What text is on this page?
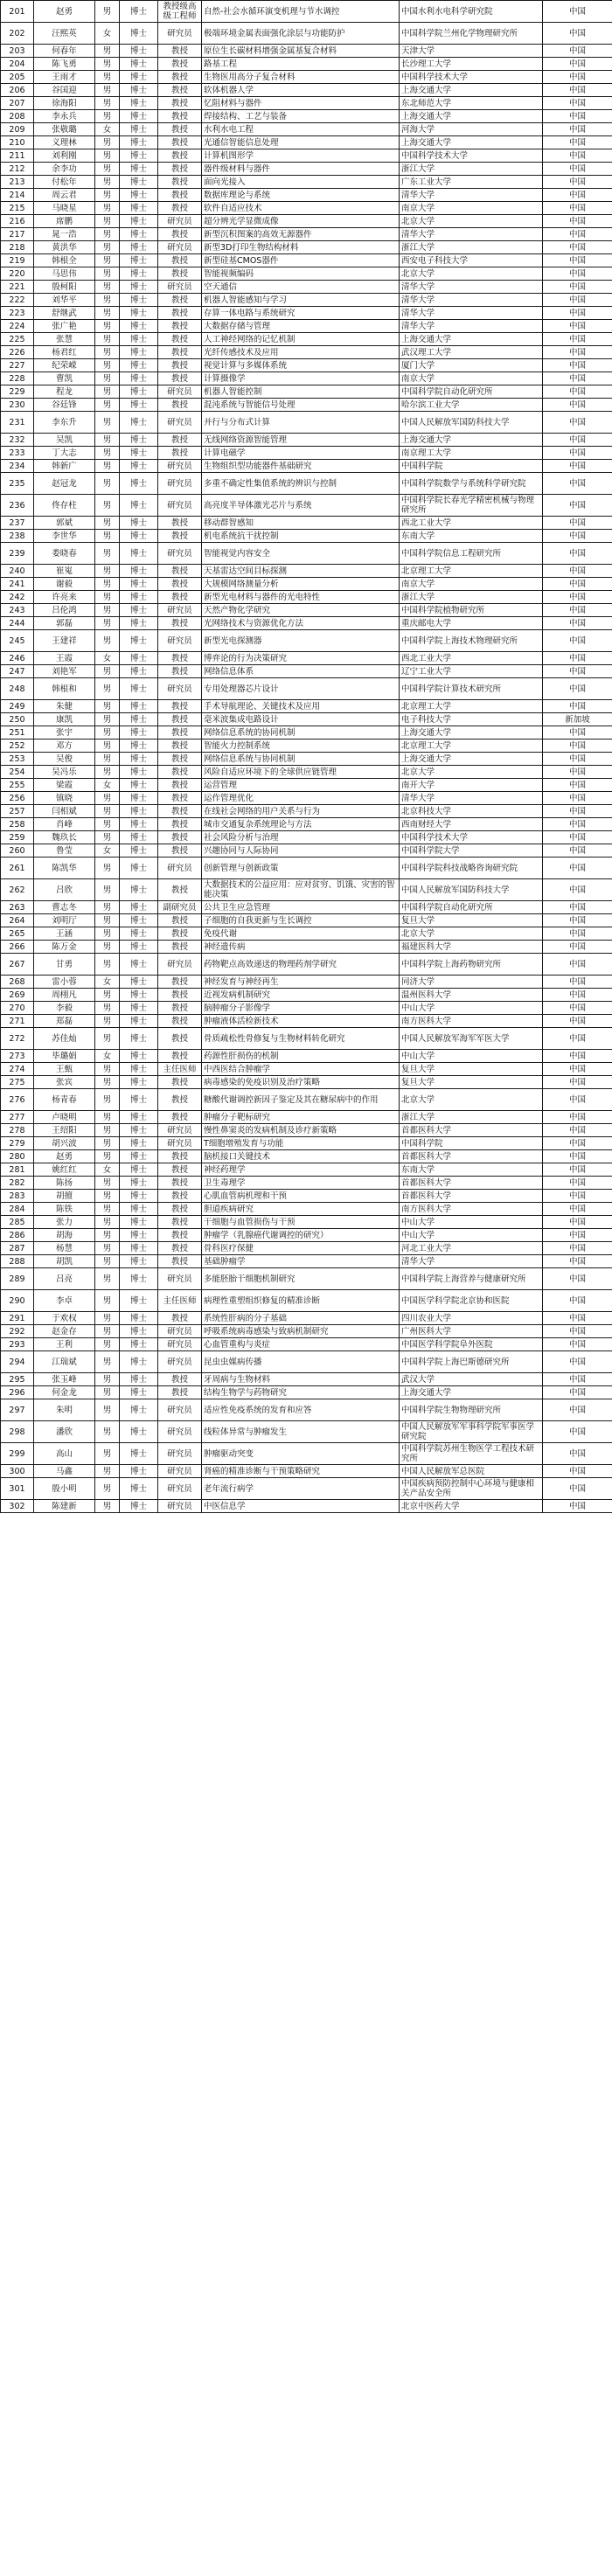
201	赵勇	男	博士	教授级高级工程师	自然-社会水循环演变机理与节水调控	中国水利水电科学研究院	中国
202	汪熙英	女	博士	研究员	极端环境金属表面强化涂层与功能防护	中国科学院兰州化学物理研究所	中国
203	何春年	男	博士	教授	原位生长碳材料增强金属基复合材料	天津大学	中国
204	陈飞勇	男	博士	教授	路基工程	长沙理工大学	中国
205	王雨才	男	博士	教授	生物医用高分子复合材料	中国科学技术大学	中国
206	谷国迎	男	博士	教授	软体机器人学	上海交通大学	中国
207	徐海阳	男	博士	教授	忆阻材料与器件	东北师范大学	中国
208	李永兵	男	博士	教授	焊接结构、工艺与装备	上海交通大学	中国
209	张敬璐	女	博士	教授	水利水电工程	河海大学	中国
210	义理林	男	博士	教授	光通信智能信息处理	上海交通大学	中国
211	刘利刚	男	博士	教授	计算机图形学	中国科学技术大学	中国
212	余李功	男	博士	教授	器件级材料与器件	浙江大学	中国
213	付松年	男	博士	教授	面向光接入	广东工业大学	中国
214	周云君	男	博士	教授	数据库理论与系统	清华大学	中国
215	马晓星	男	博士	教授	软件自适应技术	南京大学	中国
216	席鹏	男	博士	研究员	超分辨光学显微成像	北京大学	中国
217	晁一浩	男	博士	教授	新型沉积图案的高效无源器件	清华大学	中国
218	黄洪华	男	博士	研究员	新型3D打印生物结构材料	浙江大学	中国
219	韩根全	男	博士	教授	新型硅基CMOS器件	西安电子科技大学	中国
220	马思伟	男	博士	教授	智能视频编码	北京大学	中国
221	殷柯阳	男	博士	研究员	空天通信	清华大学	中国
222	刘华平	男	博士	教授	机器人智能感知与学习	清华大学	中国
223	舒继武	男	博士	教授	存算一体电路与系统研究	清华大学	中国
224	张广艳	男	博士	教授	大数据存储与管理	清华大学	中国
225	张慧	男	博士	教授	人工神经网络的记忆机制	上海交通大学	中国
226	杨君红	男	博士	教授	光纤传感技术及应用	武汉理工大学	中国
227	纪荣嵘	男	博士	教授	视觉计算与多媒体系统	厦门大学	中国
228	曹凯	男	博士	教授	计算摄像学	南京大学	中国
229	程龙	男	博士	研究员	机器人智能控制	中国科学院自动化研究所	中国
230	谷廷锋	男	博士	教授	混沌系统与智能信号处理	哈尔滨工业大学	中国
231	李东升	男	博士	研究员	并行与分布式计算	中国人民解放军国防科技大学	中国
232	吴凯	男	博士	教授	无线网络资源智能管理	上海交通大学	中国
233	丁大志	男	博士	教授	计算电磁学	南京理工大学	中国
234	韩新广	男	博士	研究员	生物组织型功能器件基础研究	中国科学院	中国
235	赵冠龙	男	博士	研究员	多重不确定性集值系统的辨识与控制	中国科学院数学与系统科学研究院	中国
236	佟存柱	男	博士	研究员	高亮度半导体激光芯片与系统	中国科学院长春光学精密机械与物理研究所	中国
237	郭斌	男	博士	教授	移动群智感知	西北工业大学	中国
238	李世华	男	博士	教授	机电系统抗干扰控制	东南大学	中国
239	娄晓春	男	博士	研究员	智能视觉内容安全	中国科学院信息工程研究所	中国
240	崔嵬	男	博士	教授	天基雷达空间目标探测	北京理工大学	中国
241	谢毅	男	博士	教授	大规模网络测量分析	南京大学	中国
242	许亮来	男	博士	教授	新型光电材料与器件的光电特性	浙江大学	中国
243	吕伦鸿	男	博士	研究员	天然产物化学研究	中国科学院植物研究所	中国
244	郭磊	男	博士	教授	光网络技术与资源优化方法	重庆邮电大学	中国
245	王建祥	男	博士	研究员	新型光电探测器	中国科学院上海技术物理研究所	中国
246	王霞	女	博士	教授	博弈论的行为决策研究	西北工业大学	中国
247	刘艳军	男	博士	教授	网络信息体系	辽宁工业大学	中国
248	韩根和	男	博士	研究员	专用处理器芯片设计	中国科学院计算技术研究所	中国
249	朱健	男	博士	教授	手术导航理论、关键技术及应用	北京理工大学	中国
250	康凯	男	博士	教授	毫米波集成电路设计	电子科技大学	新加坡
251	张宇	男	博士	教授	网络信息系统的协同机制	上海交通大学	中国
252	邓方	男	博士	教授	智能火力控制系统	北京理工大学	中国
253	吴俊	男	博士	教授	网络信息系统与协同机制	上海交通大学	中国
254	吴冯乐	男	博士	教授	风险自适应环境下的全球供应链管理	北京大学	中国
255	梁霞	女	博士	教授	运营管理	南开大学	中国
256	镇晓	男	博士	教授	运作管理优化	清华大学	中国
257	闫相斌	男	博士	教授	在线社会网络的用户关系与行为	北京科技大学	中国
258	肖峰	男	博士	教授	城市交通复杂系统理论与方法	西南财经大学	中国
259	魏玖长	男	博士	教授	社会风险分析与治理	中国科学技术大学	中国
260	鲁莹	女	博士	教授	兴趣协同与人际协同	中国科学院大学	中国
261	陈凯华	男	博士	研究员	创新管理与创新政策	中国科学院科技战略咨询研究院	中国
262	吕欣	男	博士	教授	大数据技术的公益应用：应对贫穷、饥饿、灾害的智能决策	中国人民解放军国防科技大学	中国
263	曹志冬	男	博士	副研究员	公共卫生应急管理	中国科学院自动化研究所	中国
264	刘明厅	男	博士	教授	子细胞的自我更新与生长调控	复旦大学	中国
265	王涵	男	博士	教授	免疫代谢	北京大学	中国
266	陈万金	男	博士	教授	神经遗传病	福建医科大学	中国
267	甘勇	男	博士	研究员	药物靶点高效递送的物理药剂学研究	中国科学院上海药物研究所	中国
268	雷小蓉	女	博士	教授	神经发育与神经再生	同济大学	中国
269	周栩凡	男	博士	教授	近视发病机制研究	温州医科大学	中国
270	李毅	男	博士	教授	脑肿瘤分子影像学	中山大学	中国
271	郑磊	男	博士	教授	肿瘤液体活检新技术	南方医科大学	中国
272	苏佳灿	男	博士	教授	骨质疏松性骨修复与生物材料转化研究	中国人民解放军海军军医大学	中国
273	毕璐娟	女	博士	教授	药源性肝损伤的机制	中山大学	中国
274	王甄	男	博士	主任医师	中西医结合肿瘤学	复旦大学	中国
275	张宾	男	博士	教授	病毒感染的免疫识别及治疗策略	复旦大学	中国
276	杨青春	男	博士	教授	糖酸代谢调控新因子鉴定及其在糖尿病中的作用	北京大学	中国
277	卢晓明	男	博士	教授	肿瘤分子靶标研究	浙江大学	中国
278	王绍阳	男	博士	研究员	慢性鼻窦炎的发病机制及诊疗新策略	首都医科大学	中国
279	胡兴波	男	博士	研究员	T细胞增殖发育与功能	中国科学院	中国
280	赵勇	男	博士	教授	脑机接口关键技术	首都医科大学	中国
281	姚红红	女	博士	教授	神经药理学	东南大学	中国
282	陈扬	男	博士	教授	卫生毒理学	首都医科大学	中国
283	胡擅	男	博士	教授	心肌血管病机理和干预	首都医科大学	中国
284	陈铁	男	博士	教授	胆道疾病研究	南方医科大学	中国
285	张力	男	博士	教授	干细胞与血管损伤与干预	中山大学	中国
286	胡海	男	博士	教授	肿瘤学（乳腺癌代谢调控的研究）	中山大学	中国
287	杨慧	男	博士	教授	骨科医疗保健	河北工业大学	中国
288	胡凯	男	博士	教授	基础肿瘤学	清华大学	中国
289	吕亮	男	博士	研究员	多能胚胎干细胞机制研究	中国科学院上海营养与健康研究所	中国
290	李卓	男	博士	主任医师	病理性重塑组织修复的精准诊断	中国医学科学院北京协和医院	中国
291	于欢权	男	博士	教授	系统性肝病的分子基础	四川农业大学	中国
292	赵金存	男	博士	研究员	呼吸系统病毒感染与致病机制研究	广州医科大学	中国
293	王利	男	博士	研究员	心血管重构与炎症	中国医学科学院阜外医院	中国
294	江瑞斌	男	博士	研究员	昆虫虫媒病传播	中国科学院上海巴斯德研究所	中国
295	张玉峰	男	博士	教授	牙周病与生物材料	武汉大学	中国
296	何金龙	男	博士	教授	结构生物学与药物研究	上海交通大学	中国
297	朱明	男	博士	研究员	适应性免疫系统的发育和应答	中国科学院生物物理研究所	中国
298	潘欣	男	博士	研究员	线粒体异常与肿瘤发生	中国人民解放军军事科学院军事医学研究院	中国
299	高山	男	博士	研究员	肿瘤驱动突变	中国科学院苏州生物医学工程技术研究所	中国
300	马鑫	男	博士	研究员	肾癌的精准诊断与干预策略研究	中国人民解放军总医院	中国
301	殷小明	男	博士	研究员	老年流行病学	中国疾病预防控制中心环境与健康相关产品安全所	中国
302	陈建新	男	博士	研究员	中医信息学	北京中医药大学	中国
